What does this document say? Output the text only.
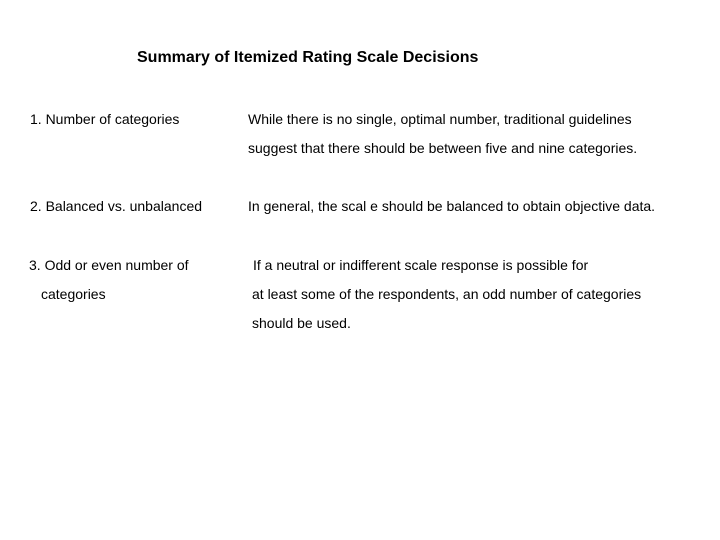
Summary of Itemized Rating Scale Decisions
1. Number of categories	While there is no single, optimal number, traditional guidelines
suggest that there should be between five and nine categories.
2. Balanced vs. unbalanced	In general, the scal e should be balanced to obtain objective data.
3. Odd or even number of
categories
If a neutral or indifferent scale response is possible for
at least some of the respondents, an odd number of categories
should be used.
